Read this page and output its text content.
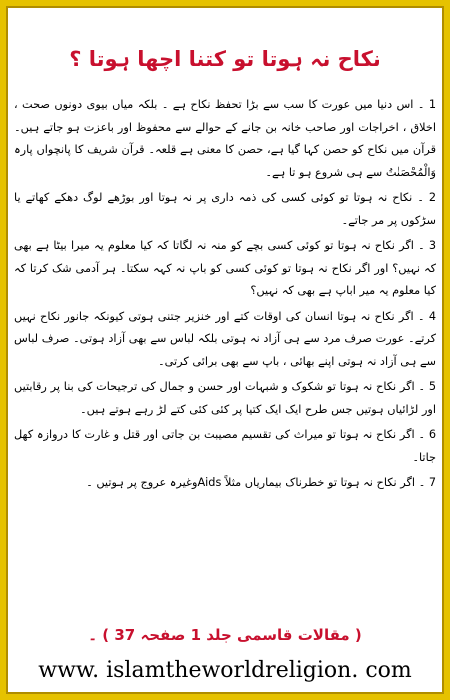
نکاح نہ ہوتا تو کتنا اچھا ہوتا ؟

1 ۔ اس دنیا میں عورت کا سب سے بڑا تحفظ نکاح ہے ۔ بلکہ میاں بیوی دونوں صحت ، اخلاق ، اخراجات اور صاحب خانہ بن جانے کے حوالے سے محفوظ اور باعزت ہو جاتے ہیں۔ قرآن میں نکاح کو حصن کہا گیا ہے، حصن کا معنی ہے قلعہ۔ قرآن شریف کا پانچواں پارہ وَالْمُحْصَنٰتُ سے ہی شروع ہو تا ہے۔

2 ۔ نکاح نہ ہوتا تو کوئی کسی کی ذمہ داری پر نہ ہوتا اور بوڑھے لوگ دھکے کھاتے یا سڑکوں پر مر جاتے۔

3 ۔ اگر نکاح نہ ہوتا تو کوئی کسی بچے کو منہ نہ لگاتا کہ کیا معلوم یہ میرا بیٹا ہے بھی کہ نہیں؟ اور اگر نکاح نہ ہوتا تو کوئی کسی کو باپ نہ کہہ سکتا۔ ہر آدمی شک کرتا کہ کیا معلوم یہ میر اباپ ہے بھی کہ نہیں؟

4 ۔ اگر نکاح نہ ہوتا انسان کی اوقات کتے اور خنزیر جتنی ہوتی کیونکہ جانور نکاح نہیں کرتے۔ عورت صرف مرد سے ہی آزاد نہ ہوتی بلکہ لباس سے بھی آزاد ہوتی۔ صرف لباس سے ہی آزاد نہ ہوتی اپنے بھائی ، باپ سے بھی برائی کرتی۔

5 ۔ اگر نکاح نہ ہوتا تو شکوک و شبہات اور حسن و جمال کی ترجیحات کی بنا پر رقابتیں اور لڑائیاں ہوتیں جس طرح ایک ایک کتیا پر کئی کئی کتے لڑ رہے ہوتے ہیں۔

6 ۔ اگر نکاح نہ ہوتا تو میراث کی تقسیم مصیبت بن جاتی اور قتل و غارت کا دروازہ کھل جاتا۔

7 ۔ اگر نکاح نہ ہوتا تو خطرناک بیماریاں مثلاً Aidsوغیرہ عروج پر ہوتیں ۔

( مقالات قاسمی جلد 1 صفحہ 37 ) ۔
www. islamtheworldreligion. com
